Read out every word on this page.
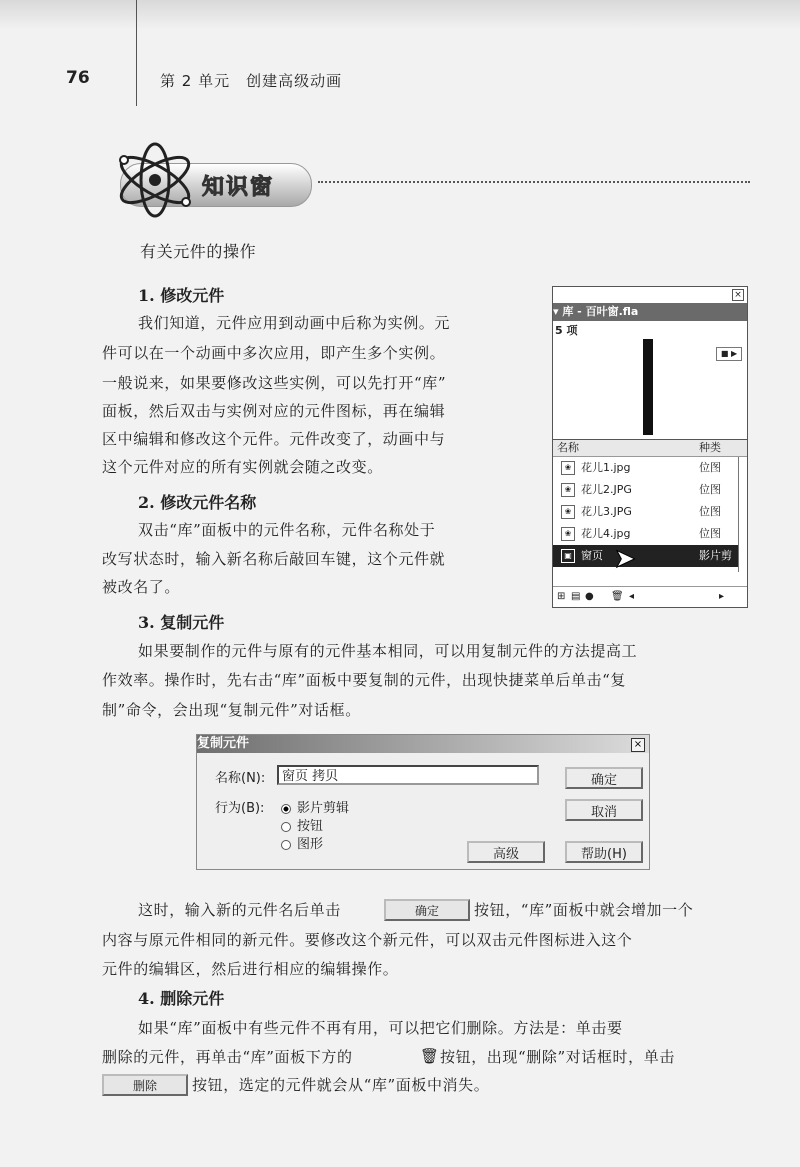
76	第 2 单元　创建高级动画
知识窗
有关元件的操作
1. 修改元件
我们知道，元件应用到动画中后称为实例。元
件可以在一个动画中多次应用，即产生多个实例。
一般说来，如果要修改这些实例，可以先打开“库”
面板，然后双击与实例对应的元件图标，再在编辑
区中编辑和修改这个元件。元件改变了，动画中与
这个元件对应的所有实例就会随之改变。
2. 修改元件名称
双击“库”面板中的元件名称，元件名称处于
改写状态时，输入新名称后敲回车键，这个元件就
被改名了。
×
▾ 库 - 百叶窗.fla
5 项
■ ▶
名称	种类
❀ 花儿1.jpg	位图
❀ 花儿2.JPG	位图
❀ 花儿3.JPG	位图
❀ 花儿4.jpg	位图
▣ 窗页	影片剪
⊞ ▤ ● 🗑 ◂	▸
➤
3. 复制元件
如果要制作的元件与原有的元件基本相同，可以用复制元件的方法提高工
作效率。操作时，先右击“库”面板中要复制的元件，出现快捷菜单后单击“复
制”命令，会出现“复制元件”对话框。
复制元件	×
名称(N):	窗页 拷贝
行为(B):	影片剪辑
按钮
图形
确定
取消
高级	帮助(H)
这时，输入新的元件名后单击	确定	按钮，“库”面板中就会增加一个
内容与原元件相同的新元件。要修改这个新元件，可以双击元件图标进入这个
元件的编辑区，然后进行相应的编辑操作。
4. 删除元件
如果“库”面板中有些元件不再有用，可以把它们删除。方法是：单击要
删除的元件，再单击“库”面板下方的	🗑 按钮，出现“删除”对话框时，单击
删除	按钮，选定的元件就会从“库”面板中消失。
